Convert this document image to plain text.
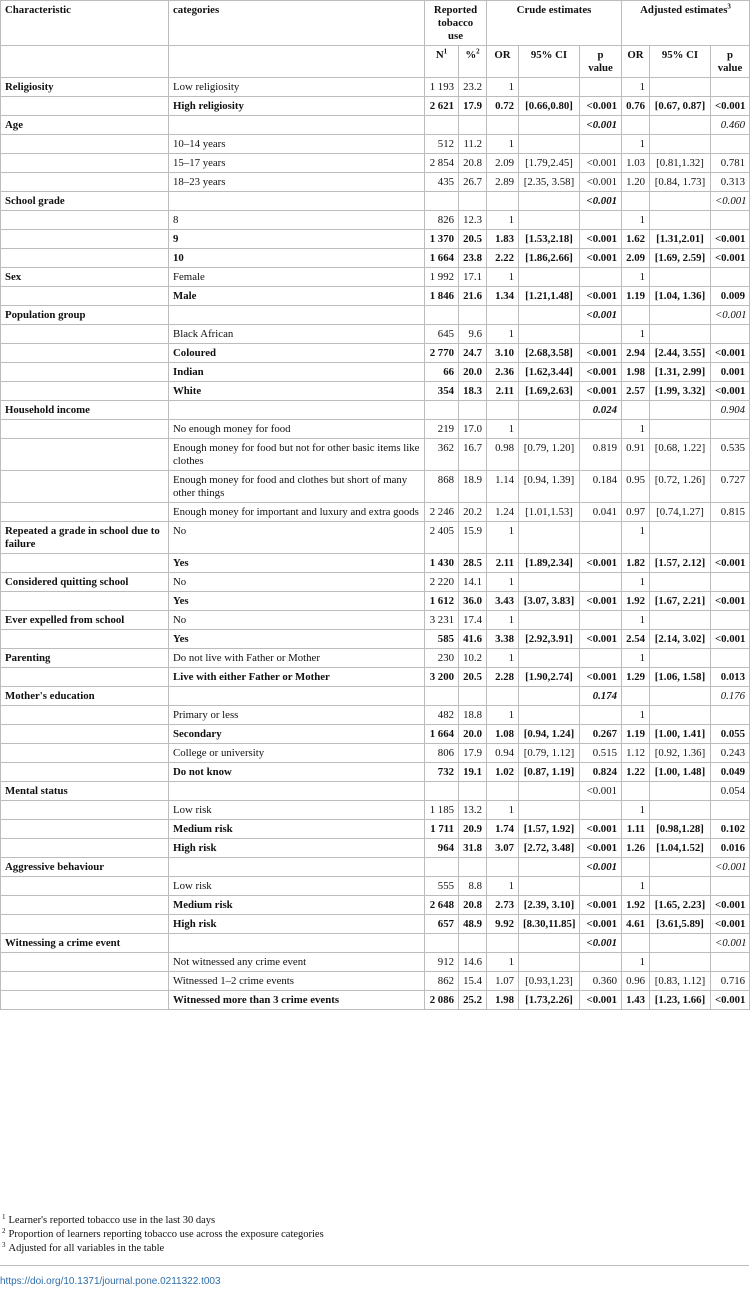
Characteristic	categories	Reported tobacco use		Crude estimates			Adjusted estimates$^3$
		$N^1$	%$^2$	OR	95% CI	p value	OR	95% CI	p value
Religiosity	Low religiosity	1 193	23.2	1			1		
	High religiosity	2 621	17.9	0.72	[0.66,0.80]	<0.001	0.76	[0.67, 0.87]	<0.001
Age						<0.001			0.460
	10–14 years	512	11.2	1			1		
	15–17 years	2 854	20.8	2.09	[1.79,2.45]	<0.001	1.03	[0.81,1.32]	0.781
	18–23 years	435	26.7	2.89	[2.35, 3.58]	<0.001	1.20	[0.84, 1.73]	0.313
School grade						<0.001			<0.001
	8	826	12.3	1			1		
	9	1 370	20.5	1.83	[1.53,2.18]	<0.001	1.62	[1.31,2.01]	<0.001
	10	1 664	23.8	2.22	[1.86,2.66]	<0.001	2.09	[1.69, 2.59]	<0.001
Sex	Female	1 992	17.1	1			1		
	Male	1 846	21.6	1.34	[1.21,1.48]	<0.001	1.19	[1.04, 1.36]	0.009
Population group						<0.001			<0.001
	Black African	645	9.6	1			1		
	Coloured	2 770	24.7	3.10	[2.68,3.58]	<0.001	2.94	[2.44, 3.55]	<0.001
	Indian	66	20.0	2.36	[1.62,3.44]	<0.001	1.98	[1.31, 2.99]	0.001
	White	354	18.3	2.11	[1.69,2.63]	<0.001	2.57	[1.99, 3.32]	<0.001
Household income						0.024			0.904
	No enough money for food	219	17.0	1			1		
	Enough money for food but not for other basic items like clothes	362	16.7	0.98	[0.79, 1.20]	0.819	0.91	[0.68, 1.22]	0.535
	Enough money for food and clothes but short of many other things	868	18.9	1.14	[0.94, 1.39]	0.184	0.95	[0.72, 1.26]	0.727
	Enough money for important and luxury and extra goods	2 246	20.2	1.24	[1.01,1.53]	0.041	0.97	[0.74,1.27]	0.815
Repeated a grade in school due to failure	No	2 405	15.9	1			1		
	Yes	1 430	28.5	2.11	[1.89,2.34]	<0.001	1.82	[1.57, 2.12]	<0.001
Considered quitting school	No	2 220	14.1	1			1		
	Yes	1 612	36.0	3.43	[3.07, 3.83]	<0.001	1.92	[1.67, 2.21]	<0.001
Ever expelled from school	No	3 231	17.4	1			1		
	Yes	585	41.6	3.38	[2.92,3.91]	<0.001	2.54	[2.14, 3.02]	<0.001
Parenting	Do not live with Father or Mother	230	10.2	1			1		
	Live with either Father or Mother	3 200	20.5	2.28	[1.90,2.74]	<0.001	1.29	[1.06, 1.58]	0.013
Mother's education						0.174			0.176
	Primary or less	482	18.8	1			1		
	Secondary	1 664	20.0	1.08	[0.94, 1.24]	0.267	1.19	[1.00, 1.41]	0.055
	College or university	806	17.9	0.94	[0.79, 1.12]	0.515	1.12	[0.92, 1.36]	0.243
	Do not know	732	19.1	1.02	[0.87, 1.19]	0.824	1.22	[1.00, 1.48]	0.049
Mental status						<0.001			0.054
	Low risk	1 185	13.2	1			1		
	Medium risk	1 711	20.9	1.74	[1.57, 1.92]	<0.001	1.11	[0.98,1.28]	0.102
	High risk	964	31.8	3.07	[2.72, 3.48]	<0.001	1.26	[1.04,1.52]	0.016
Aggressive behaviour						<0.001			<0.001
	Low risk	555	8.8	1			1		
	Medium risk	2 648	20.8	2.73	[2.39, 3.10]	<0.001	1.92	[1.65, 2.23]	<0.001
	High risk	657	48.9	9.92	[8.30,11.85]	<0.001	4.61	[3.61,5.89]	<0.001
Witnessing a crime event						<0.001			<0.001
	Not witnessed any crime event	912	14.6	1			1		
	Witnessed 1–2 crime events	862	15.4	1.07	[0.93,1.23]	0.360	0.96	[0.83, 1.12]	0.716
	Witnessed more than 3 crime events	2 086	25.2	1.98	[1.73,2.26]	<0.001	1.43	[1.23, 1.66]	<0.001
$^1$ Learner's reported tobacco use in the last 30 days
$^2$ Proportion of learners reporting tobacco use across the exposure categories
$^3$ Adjusted for all variables in the table
https://doi.org/10.1371/journal.pone.0211322.t003
